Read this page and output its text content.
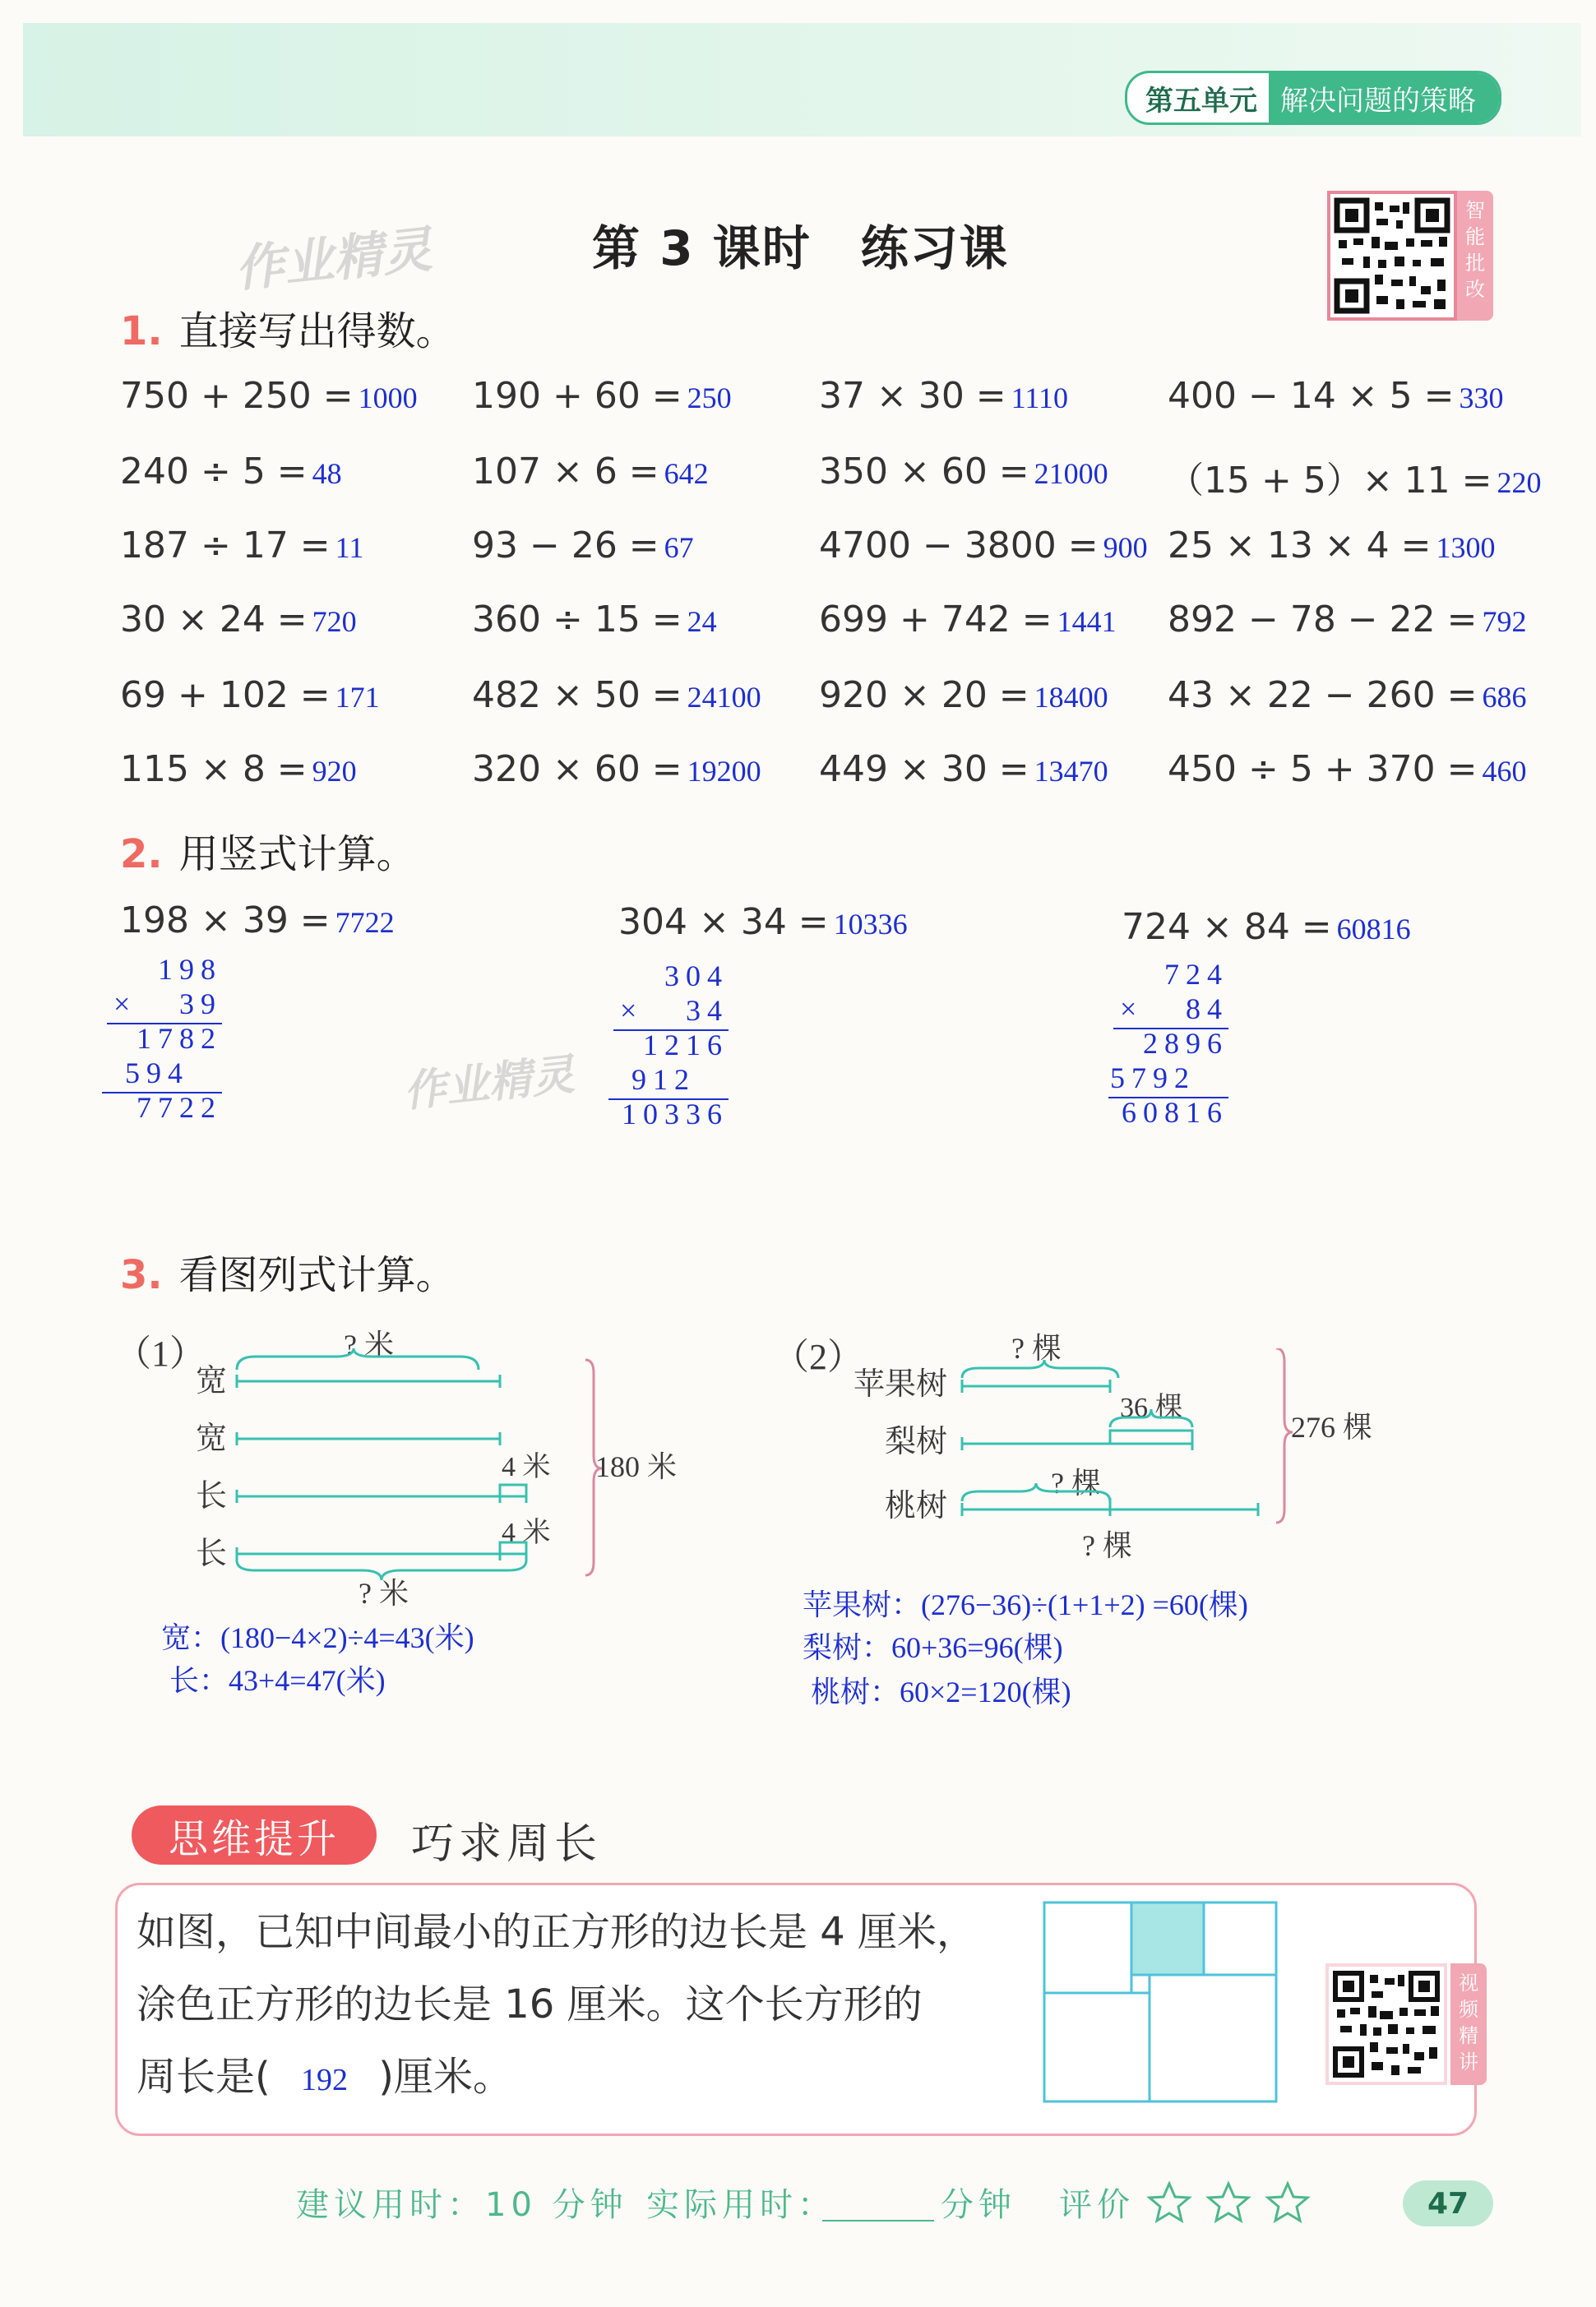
第五单元 解决问题的策略
作业精灵
作业精灵
第 3 课时　练习课
智能批改
1. 直接写出得数。
750 + 250 = 1000 190 + 60 = 250 37 × 30 = 1110	400 − 14 × 5 = 330
240 ÷ 5 = 48	107 × 6 = 642	350 × 60 = 21000 （15 + 5）× 11 = 220
187 ÷ 17 = 11	93 − 26 = 67	4700 − 3800 = 900 25 × 13 × 4 = 1300
30 × 24 = 720	360 ÷ 15 = 24	699 + 742 = 1441 892 − 78 − 22 = 792
69 + 102 = 171	482 × 50 = 24100 920 × 20 = 18400 43 × 22 − 260 = 686
115 × 8 = 920	320 × 60 = 19200 449 × 30 = 13470 450 ÷ 5 + 370 = 460
2. 用竖式计算。
198 × 39 = 7722
198
39
1782
594
7722
×
304 × 34 = 10336
304
34
1216
912
10336
×
724 × 84 = 60816
724
84
2896
5792
60816
×
3. 看图列式计算。
（1）
宽
宽
长
长
? 米
4 米
4 米
180 米
? 米
宽：(180−4×2)÷4=43(米)
长：43+4=47(米)
（2）
苹果树
梨树
桃树
? 棵
36 棵
276 棵
? 棵
? 棵
苹果树：(276−36)÷(1+1+2) =60(棵)
梨树：60+36=96(棵)
桃树：60×2=120(棵)
思维提升	巧求周长
如图，已知中间最小的正方形的边长是 4 厘米，
涂色正方形的边长是 16 厘米。这个长方形的
周长是( 192 )厘米。
视频精讲
建议用时：10 分钟 实际用时：	分钟 评价	47
